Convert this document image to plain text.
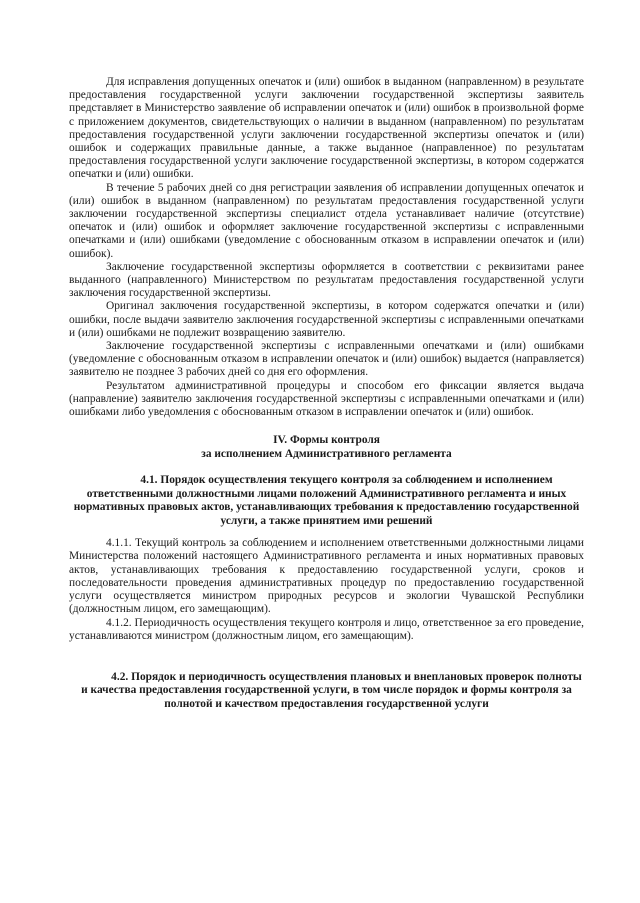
Для исправления допущенных опечаток и (или) ошибок в выданном (направленном) в результате предоставления государственной услуги заключении государственной экспертизы заявитель представляет в Министерство заявление об исправлении опечаток и (или) ошибок в произвольной форме с приложением документов, свидетельствующих о наличии в выданном (направленном) по результатам предоставления государственной услуги заключении государственной экспертизы опечаток и (или) ошибок и содержащих правильные данные, а также выданное (направленное) по результатам предоставления государственной услуги заключение государственной экспертизы, в котором содержатся опечатки и (или) ошибки.

В течение 5 рабочих дней со дня регистрации заявления об исправлении допущенных опечаток и (или) ошибок в выданном (направленном) по результатам предоставления государственной услуги заключении государственной экспертизы специалист отдела устанавливает наличие (отсутствие) опечаток и (или) ошибок и оформляет заключение государственной экспертизы с исправленными опечатками и (или) ошибками (уведомление с обоснованным отказом в исправлении опечаток и (или) ошибок).

Заключение государственной экспертизы оформляется в соответствии с реквизитами ранее выданного (направленного) Министерством по результатам предоставления государственной услуги заключения государственной экспертизы.

Оригинал заключения государственной экспертизы, в котором содержатся опечатки и (или) ошибки, после выдачи заявителю заключения государственной экспертизы с исправленными опечатками и (или) ошибками не подлежит возвращению заявителю.

Заключение государственной экспертизы с исправленными опечатками и (или) ошибками (уведомление с обоснованным отказом в исправлении опечаток и (или) ошибок) выдается (направляется) заявителю не позднее 3 рабочих дней со дня его оформления.

Результатом административной процедуры и способом его фиксации является выдача (направление) заявителю заключения государственной экспертизы с исправленными опечатками и (или) ошибками либо уведомления с обоснованным отказом в исправлении опечаток и (или) ошибок.

IV. Формы контроля
за исполнением Административного регламента
4.1. Порядок осуществления текущего контроля за соблюдением и исполнением ответственными должностными лицами положений Административного регламента и иных нормативных правовых актов, устанавливающих требования к предоставлению государственной услуги, а также принятием ими решений

4.1.1. Текущий контроль за соблюдением и исполнением ответственными должностными лицами Министерства положений настоящего Административного регламента и иных нормативных правовых актов, устанавливающих требования к предоставлению государственной услуги, сроков и последовательности проведения административных процедур по предоставлению государственной услуги осуществляется министром природных ресурсов и экологии Чувашской Республики (должностным лицом, его замещающим).

4.1.2. Периодичность осуществления текущего контроля и лицо, ответственное за его проведение, устанавливаются министром (должностным лицом, его замещающим).

4.2. Порядок и периодичность осуществления плановых и внеплановых проверок полноты и качества предоставления государственной услуги, в том числе порядок и формы контроля за полнотой и качеством предоставления государственной услуги
